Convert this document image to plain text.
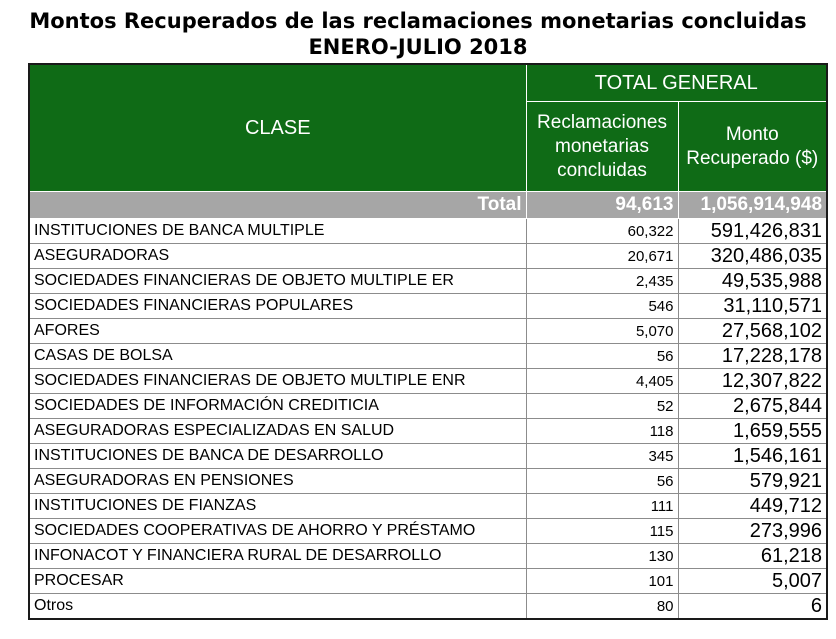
Montos Recuperados de las reclamaciones monetarias concluidas
ENERO-JULIO 2018
CLASE	TOTAL GENERAL	
	Reclamaciones monetarias concluidas	Monto Recuperado ($)
Total	94,613	1,056,914,948
INSTITUCIONES DE BANCA MULTIPLE	60,322	591,426,831
ASEGURADORAS	20,671	320,486,035
SOCIEDADES FINANCIERAS DE OBJETO MULTIPLE ER	2,435	49,535,988
SOCIEDADES FINANCIERAS POPULARES	546	31,110,571
AFORES	5,070	27,568,102
CASAS DE BOLSA	56	17,228,178
SOCIEDADES FINANCIERAS DE OBJETO MULTIPLE ENR	4,405	12,307,822
SOCIEDADES DE INFORMACIÓN CREDITICIA	52	2,675,844
ASEGURADORAS ESPECIALIZADAS EN SALUD	118	1,659,555
INSTITUCIONES DE BANCA DE DESARROLLO	345	1,546,161
ASEGURADORAS EN PENSIONES	56	579,921
INSTITUCIONES DE FIANZAS	111	449,712
SOCIEDADES COOPERATIVAS DE AHORRO Y PRÉSTAMO	115	273,996
INFONACOT Y FINANCIERA RURAL DE DESARROLLO	130	61,218
PROCESAR	101	5,007
Otros	80	6
